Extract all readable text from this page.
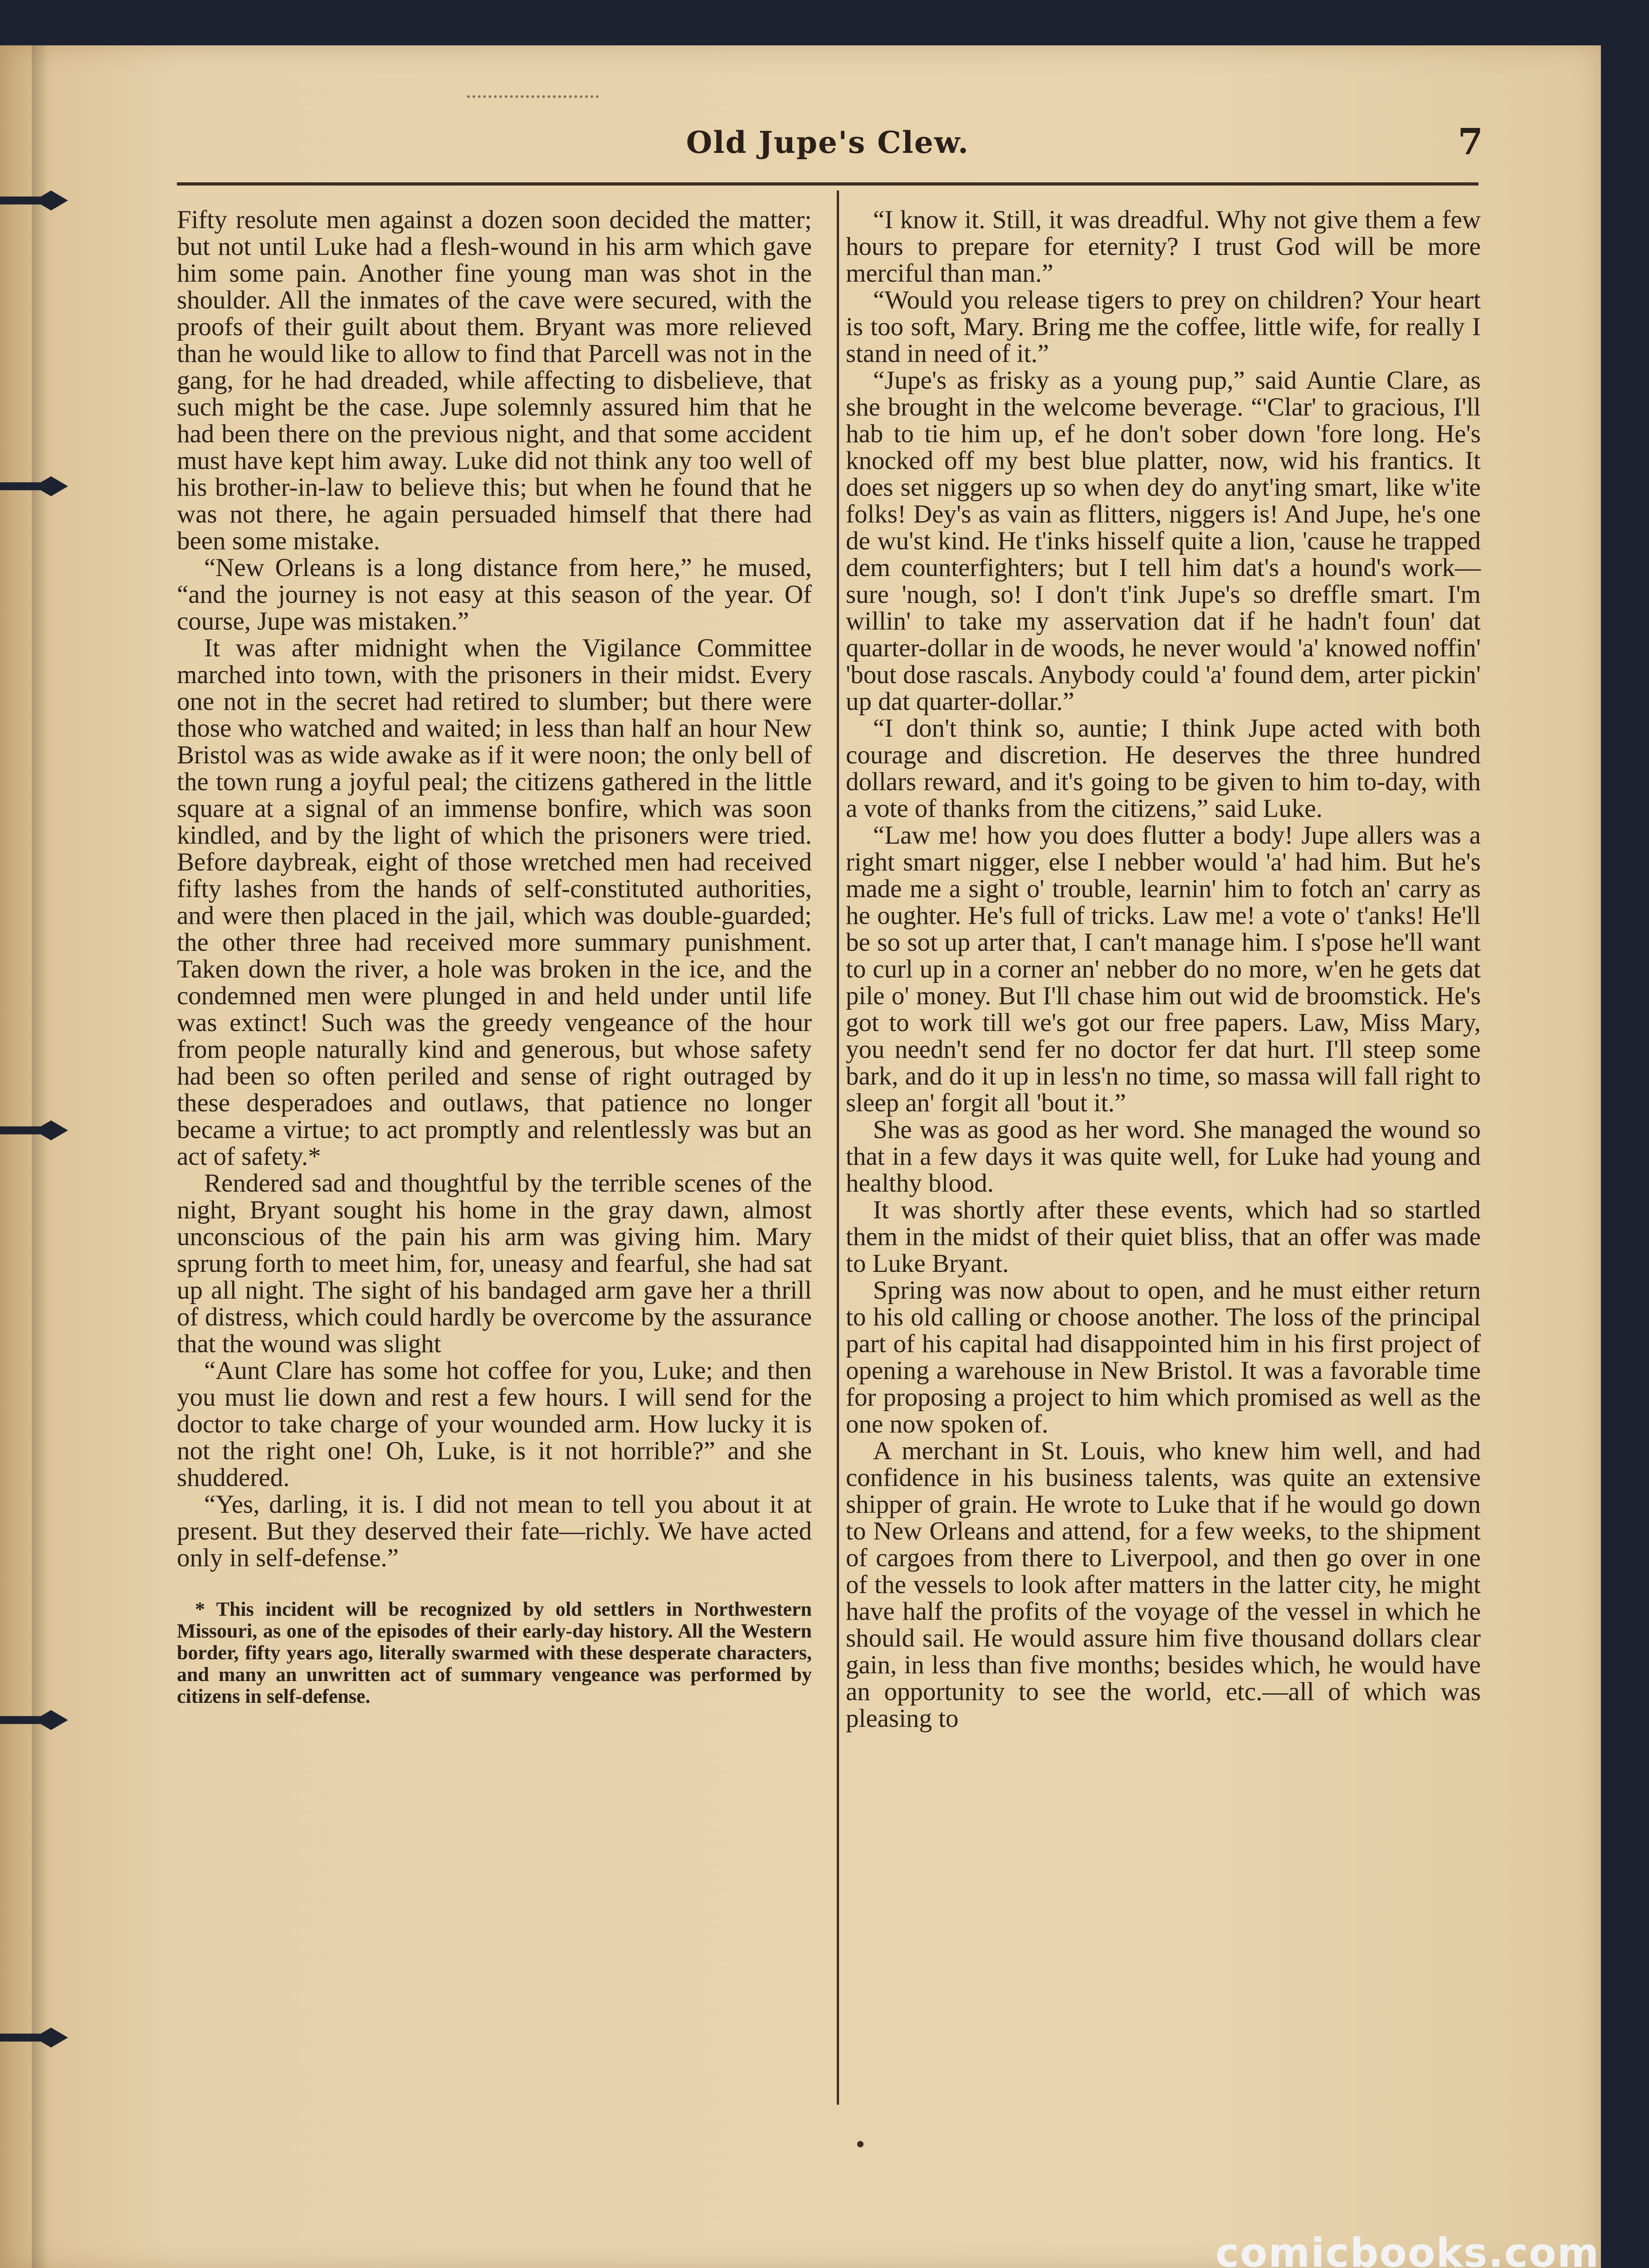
Old Jupe's Clew.	7

Fifty resolute men against a dozen soon decided the matter; but not until Luke had a flesh-wound in his arm which gave him some pain. Another fine young man was shot in the shoulder. All the inmates of the cave were secured, with the proofs of their guilt about them. Bryant was more relieved than he would like to allow to find that Parcell was not in the gang, for he had dreaded, while affecting to disbelieve, that such might be the case. Jupe solemnly assured him that he had been there on the previous night, and that some accident must have kept him away. Luke did not think any too well of his brother-in-law to believe this; but when he found that he was not there, he again persuaded himself that there had been some mistake.

“New Orleans is a long distance from here,” he mused, “and the journey is not easy at this season of the year. Of course, Jupe was mistaken.”

It was after midnight when the Vigilance Committee marched into town, with the prisoners in their midst. Every one not in the secret had retired to slumber; but there were those who watched and waited; in less than half an hour New Bristol was as wide awake as if it were noon; the only bell of the town rung a joyful peal; the citizens gathered in the little square at a signal of an immense bonfire, which was soon kindled, and by the light of which the prisoners were tried. Before daybreak, eight of those wretched men had received fifty lashes from the hands of self-constituted authorities, and were then placed in the jail, which was double-guarded; the other three had received more summary punishment. Taken down the river, a hole was broken in the ice, and the condemned men were plunged in and held under until life was extinct! Such was the greedy vengeance of the hour from people naturally kind and generous, but whose safety had been so often periled and sense of right outraged by these desperadoes and outlaws, that patience no longer became a virtue; to act promptly and relentlessly was but an act of safety.*

Rendered sad and thoughtful by the terrible scenes of the night, Bryant sought his home in the gray dawn, almost unconscious of the pain his arm was giving him. Mary sprung forth to meet him, for, uneasy and fearful, she had sat up all night. The sight of his bandaged arm gave her a thrill of distress, which could hardly be overcome by the assurance that the wound was slight

“Aunt Clare has some hot coffee for you, Luke; and then you must lie down and rest a few hours. I will send for the doctor to take charge of your wounded arm. How lucky it is not the right one! Oh, Luke, is it not horrible?” and she shuddered.

“Yes, darling, it is. I did not mean to tell you about it at present. But they deserved their fate—richly. We have acted only in self-defense.”

* This incident will be recognized by old settlers in Northwestern Missouri, as one of the episodes of their early-day history. All the Western border, fifty years ago, literally swarmed with these desperate characters, and many an unwritten act of summary vengeance was performed by citizens in self-defense.

“I know it. Still, it was dreadful. Why not give them a few hours to prepare for eternity? I trust God will be more merciful than man.”

“Would you release tigers to prey on children? Your heart is too soft, Mary. Bring me the coffee, little wife, for really I stand in need of it.”

“Jupe's as frisky as a young pup,” said Auntie Clare, as she brought in the welcome beverage. “'Clar' to gracious, I'll hab to tie him up, ef he don't sober down 'fore long. He's knocked off my best blue platter, now, wid his frantics. It does set niggers up so when dey do anyt'ing smart, like w'ite folks! Dey's as vain as flitters, niggers is! And Jupe, he's one de wu'st kind. He t'inks hisself quite a lion, 'cause he trapped dem counterfighters; but I tell him dat's a hound's work—sure 'nough, so! I don't t'ink Jupe's so dreffle smart. I'm willin' to take my asservation dat if he hadn't foun' dat quarter-dollar in de woods, he never would 'a' knowed noffin' 'bout dose rascals. Anybody could 'a' found dem, arter pickin' up dat quarter-dollar.”

“I don't think so, auntie; I think Jupe acted with both courage and discretion. He deserves the three hundred dollars reward, and it's going to be given to him to-day, with a vote of thanks from the citizens,” said Luke.

“Law me! how you does flutter a body! Jupe allers was a right smart nigger, else I nebber would 'a' had him. But he's made me a sight o' trouble, learnin' him to fotch an' carry as he oughter. He's full of tricks. Law me! a vote o' t'anks! He'll be so sot up arter that, I can't manage him. I s'pose he'll want to curl up in a corner an' nebber do no more, w'en he gets dat pile o' money. But I'll chase him out wid de broomstick. He's got to work till we's got our free papers. Law, Miss Mary, you needn't send fer no doctor fer dat hurt. I'll steep some bark, and do it up in less'n no time, so massa will fall right to sleep an' forgit all 'bout it.”

She was as good as her word. She managed the wound so that in a few days it was quite well, for Luke had young and healthy blood.

It was shortly after these events, which had so startled them in the midst of their quiet bliss, that an offer was made to Luke Bryant.

Spring was now about to open, and he must either return to his old calling or choose another. The loss of the principal part of his capital had disappointed him in his first project of opening a warehouse in New Bristol. It was a favorable time for proposing a project to him which promised as well as the one now spoken of.

A merchant in St. Louis, who knew him well, and had confidence in his business talents, was quite an extensive shipper of grain. He wrote to Luke that if he would go down to New Orleans and attend, for a few weeks, to the shipment of cargoes from there to Liverpool, and then go over in one of the vessels to look after matters in the latter city, he might have half the profits of the voyage of the vessel in which he should sail. He would assure him five thousand dollars clear gain, in less than five months; besides which, he would have an opportunity to see the world, etc.—all of which was pleasing to

comicbooks.com
